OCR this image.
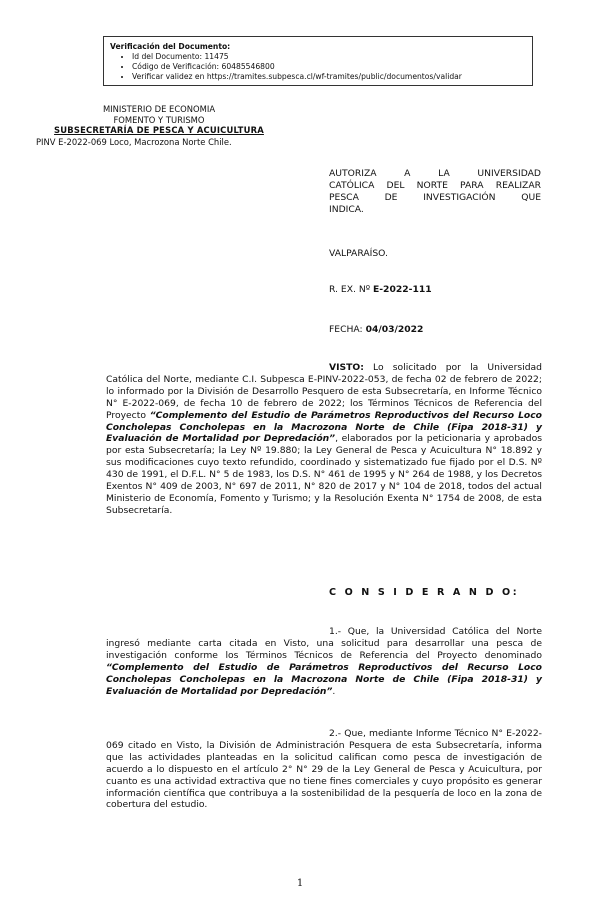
Verificación del Documento:
• Id del Documento: 11475
• Código de Verificación: 60485546800
• Verificar validez en https://tramites.subpesca.cl/wf-tramites/public/documentos/validar
MINISTERIO DE ECONOMIA
FOMENTO Y TURISMO
SUBSECRETARÍA DE PESCA Y ACUICULTURA
PINV E-2022-069 Loco, Macrozona Norte Chile.
AUTORIZA A LA UNIVERSIDAD
CATÓLICA DEL NORTE PARA REALIZAR
PESCA DE INVESTIGACIÓN QUE
INDICA.
VALPARAÍSO.
R. EX. Nº E-2022-111
FECHA: 04/03/2022
VISTO: Lo solicitado por la Universidad Católica del Norte, mediante C.I. Subpesca E-PINV-2022-053, de fecha 02 de febrero de 2022; lo informado por la División de Desarrollo Pesquero de esta Subsecretaría, en Informe Técnico N° E-2022-069, de fecha 10 de febrero de 2022; los Términos Técnicos de Referencia del Proyecto “Complemento del Estudio de Parámetros Reproductivos del Recurso Loco Concholepas Concholepas en la Macrozona Norte de Chile (Fipa 2018-31) y Evaluación de Mortalidad por Depredación”, elaborados por la peticionaria y aprobados por esta Subsecretaría; la Ley Nº 19.880; la Ley General de Pesca y Acuicultura N° 18.892 y sus modificaciones cuyo texto refundido, coordinado y sistematizado fue fijado por el D.S. Nº 430 de 1991, el D.F.L. N° 5 de 1983, los D.S. N° 461 de 1995 y N° 264 de 1988, y los Decretos Exentos N° 409 de 2003, N° 697 de 2011, N° 820 de 2017 y N° 104 de 2018, todos del actual Ministerio de Economía, Fomento y Turismo; y la Resolución Exenta N° 1754 de 2008, de esta Subsecretaría.
C O N S I D E R A N D O:
1.- Que, la Universidad Católica del Norte ingresó mediante carta citada en Visto, una solicitud para desarrollar una pesca de investigación conforme los Términos Técnicos de Referencia del Proyecto denominado “Complemento del Estudio de Parámetros Reproductivos del Recurso Loco Concholepas Concholepas en la Macrozona Norte de Chile (Fipa 2018-31) y Evaluación de Mortalidad por Depredación”.
2.- Que, mediante Informe Técnico N° E-2022-069 citado en Visto, la División de Administración Pesquera de esta Subsecretaría, informa que las actividades planteadas en la solicitud califican como pesca de investigación de acuerdo a lo dispuesto en el artículo 2° N° 29 de la Ley General de Pesca y Acuicultura, por cuanto es una actividad extractiva que no tiene fines comerciales y cuyo propósito es generar información científica que contribuya a la sostenibilidad de la pesquería de loco en la zona de cobertura del estudio.
1
